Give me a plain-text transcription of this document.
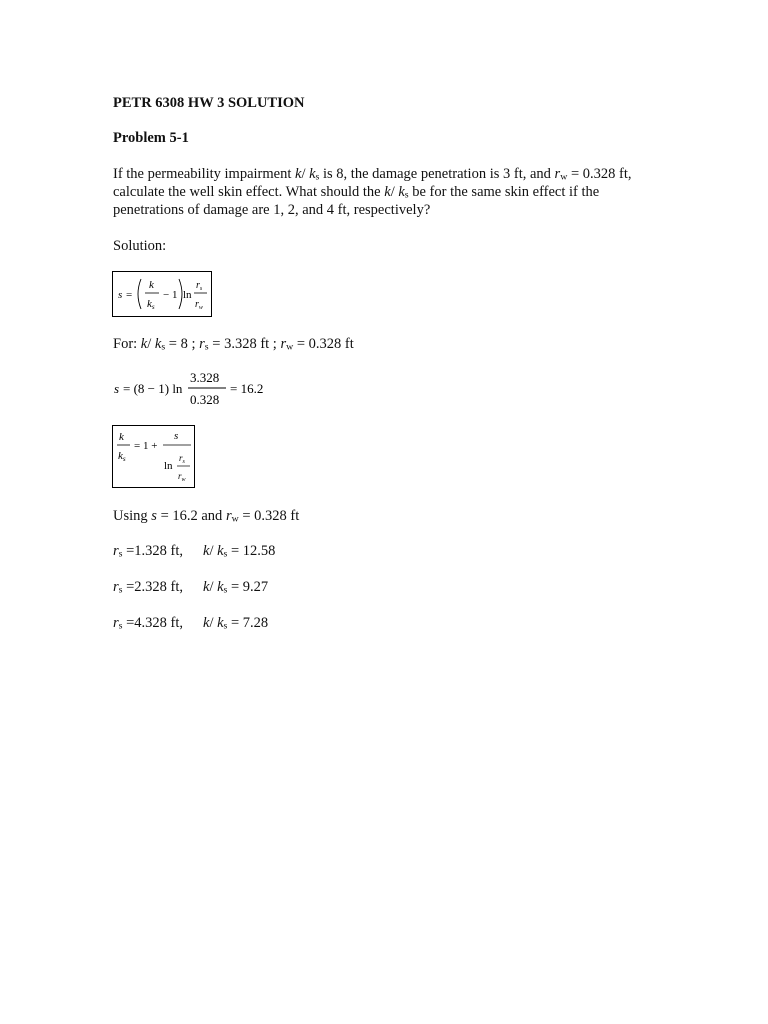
PETR 6308 HW 3 SOLUTION
Problem 5-1
If the permeability impairment k/ $k_s$ is 8, the damage penetration is 3 ft, and $r_w = 0.328$ ft,
calculate the well skin effect. What should the k/ $k_s$ be for the same skin effect if the
penetrations of damage are 1, 2, and 4 ft, respectively?
Solution:
s =
k
ks
− 1 ln
$r_s$
$r_w$
For: k/ $k_s = 8$ ; $r_s = 3.328$ ft ; $r_w = 0.328$ ft
s = (8 − 1) ln
3.328
0.328
= 16.2
k
ks
= 1 +
s
ln
$r_s$
$r_w$
Using s = 16.2 and $r_w = 0.328$ ft
$r_s =1.328$ ft, k/ $k_s = 12.58$
$r_s =2.328$ ft, k/ $k_s = 9.27$
$r_s =4.328$ ft, k/ $k_s = 7.28$
